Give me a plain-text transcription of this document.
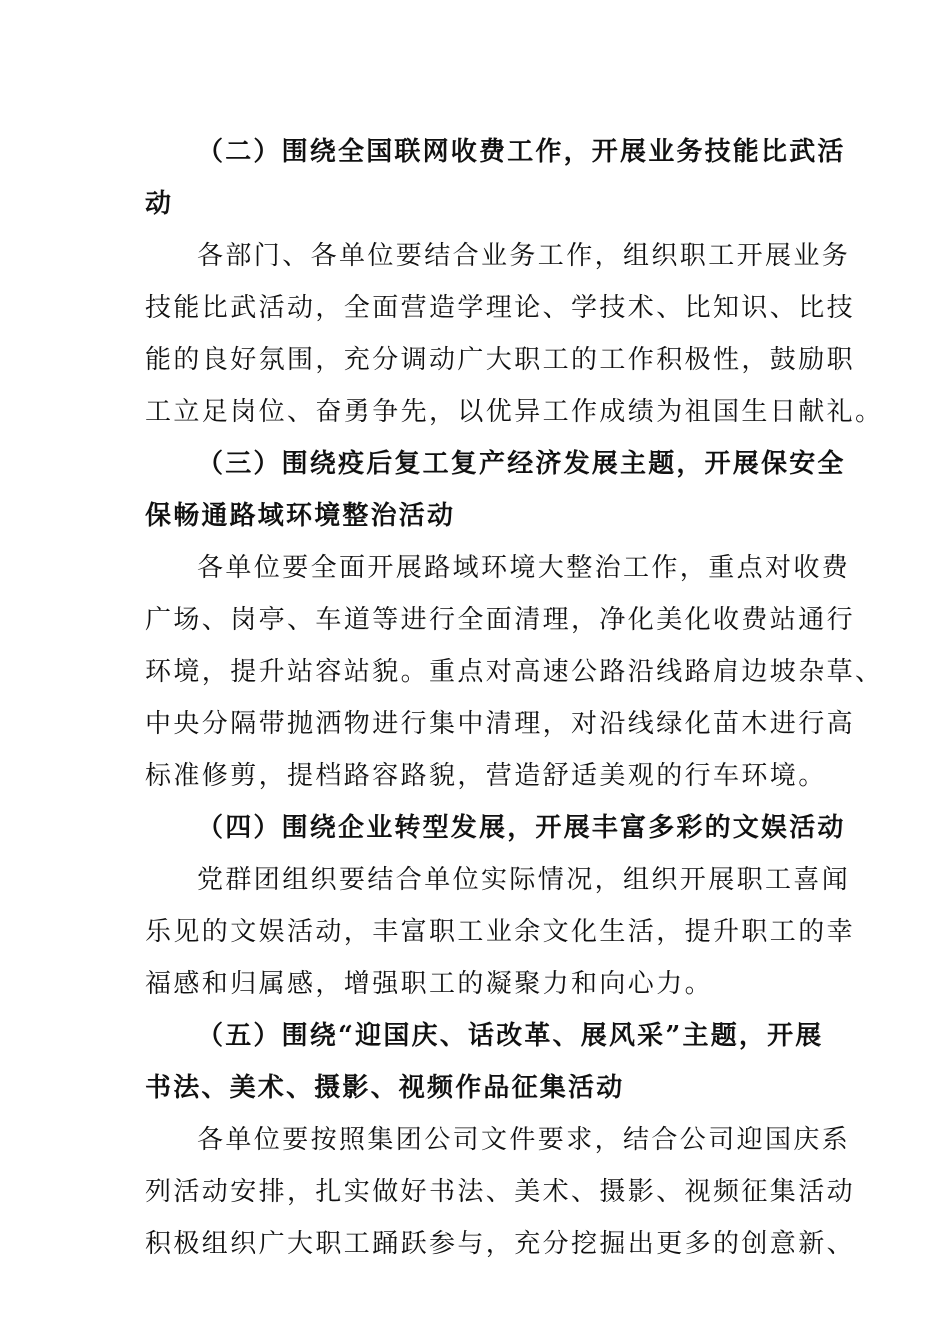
（二）围绕全国联网收费工作，开展业务技能比武活
动
各部门、各单位要结合业务工作，组织职工开展业务
技能比武活动，全面营造学理论、学技术、比知识、比技
能的良好氛围，充分调动广大职工的工作积极性，鼓励职
工立足岗位、奋勇争先，以优异工作成绩为祖国生日献礼。
（三）围绕疫后复工复产经济发展主题，开展保安全
保畅通路域环境整治活动
各单位要全面开展路域环境大整治工作，重点对收费
广场、岗亭、车道等进行全面清理，净化美化收费站通行
环境，提升站容站貌。重点对高速公路沿线路肩边坡杂草、
中央分隔带抛洒物进行集中清理，对沿线绿化苗木进行高
标准修剪，提档路容路貌，营造舒适美观的行车环境。
（四）围绕企业转型发展，开展丰富多彩的文娱活动
党群团组织要结合单位实际情况，组织开展职工喜闻
乐见的文娱活动，丰富职工业余文化生活，提升职工的幸
福感和归属感，增强职工的凝聚力和向心力。
（五）围绕“迎国庆、话改革、展风采”主题，开展
书法、美术、摄影、视频作品征集活动
各单位要按照集团公司文件要求，结合公司迎国庆系
列活动安排，扎实做好书法、美术、摄影、视频征集活动
积极组织广大职工踊跃参与，充分挖掘出更多的创意新、
